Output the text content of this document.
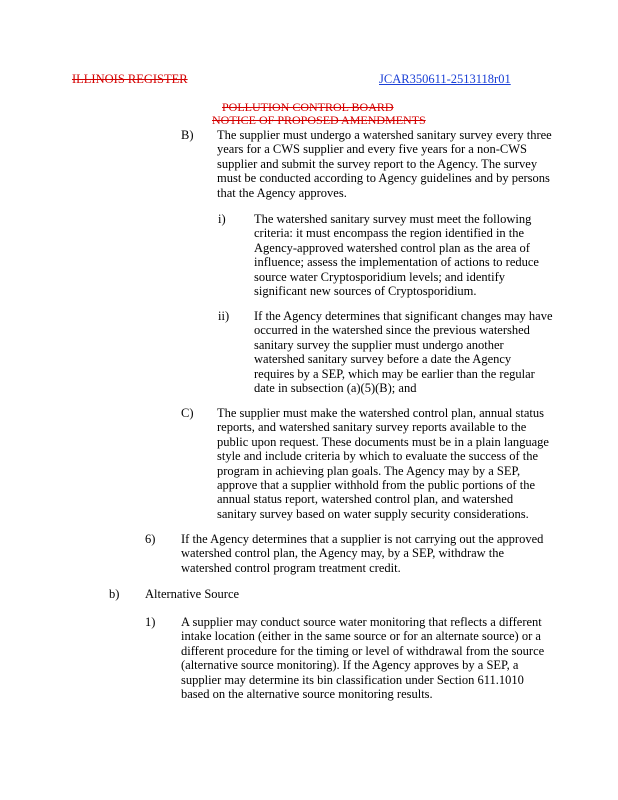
ILLINOIS REGISTER	JCAR350611-2513118r01
POLLUTION CONTROL BOARD
NOTICE OF PROPOSED AMENDMENTS
B) The supplier must undergo a watershed sanitary survey every three
years for a CWS supplier and every five years for a non-CWS
supplier and submit the survey report to the Agency. The survey
must be conducted according to Agency guidelines and by persons
that the Agency approves.
i) The watershed sanitary survey must meet the following
criteria: it must encompass the region identified in the
Agency-approved watershed control plan as the area of
influence; assess the implementation of actions to reduce
source water Cryptosporidium levels; and identify
significant new sources of Cryptosporidium.
ii) If the Agency determines that significant changes may have
occurred in the watershed since the previous watershed
sanitary survey the supplier must undergo another
watershed sanitary survey before a date the Agency
requires by a SEP, which may be earlier than the regular
date in subsection (a)(5)(B); and
C) The supplier must make the watershed control plan, annual status
reports, and watershed sanitary survey reports available to the
public upon request. These documents must be in a plain language
style and include criteria by which to evaluate the success of the
program in achieving plan goals. The Agency may by a SEP,
approve that a supplier withhold from the public portions of the
annual status report, watershed control plan, and watershed
sanitary survey based on water supply security considerations.
6) If the Agency determines that a supplier is not carrying out the approved
watershed control plan, the Agency may, by a SEP, withdraw the
watershed control program treatment credit.
b) Alternative Source
1) A supplier may conduct source water monitoring that reflects a different
intake location (either in the same source or for an alternate source) or a
different procedure for the timing or level of withdrawal from the source
(alternative source monitoring). If the Agency approves by a SEP, a
supplier may determine its bin classification under Section 611.1010
based on the alternative source monitoring results.
